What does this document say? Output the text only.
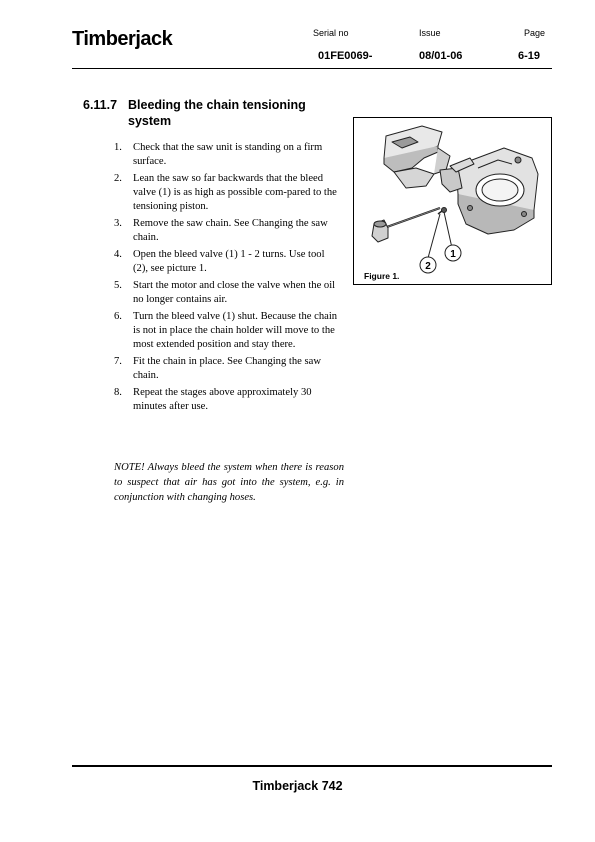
Timberjack	Serial no
01FE0069-
Issue
08/01-06
Page
6-19
6.11.7 Bleeding the chain tensioning system
1. Check that the saw unit is standing on a firm surface.
2. Lean the saw so far backwards that the bleed valve (1) is as high as possible com-pared to the tensioning piston.
3. Remove the saw chain. See Changing the saw chain.
4. Open the bleed valve (1) 1 - 2 turns. Use tool (2), see picture 1.
5. Start the motor and close the valve when the oil no longer contains air.
6. Turn the bleed valve (1) shut. Because the chain is not in place the chain holder will move to the most extended position and stay there.
7. Fit the chain in place. See Changing the saw chain.
8. Repeat the stages above approximately 30 minutes after use.
NOTE! Always bleed the system when there is reason to suspect that air has got into the system, e.g. in conjunction with changing hoses.
1
2
Figure 1.
Timberjack 742
